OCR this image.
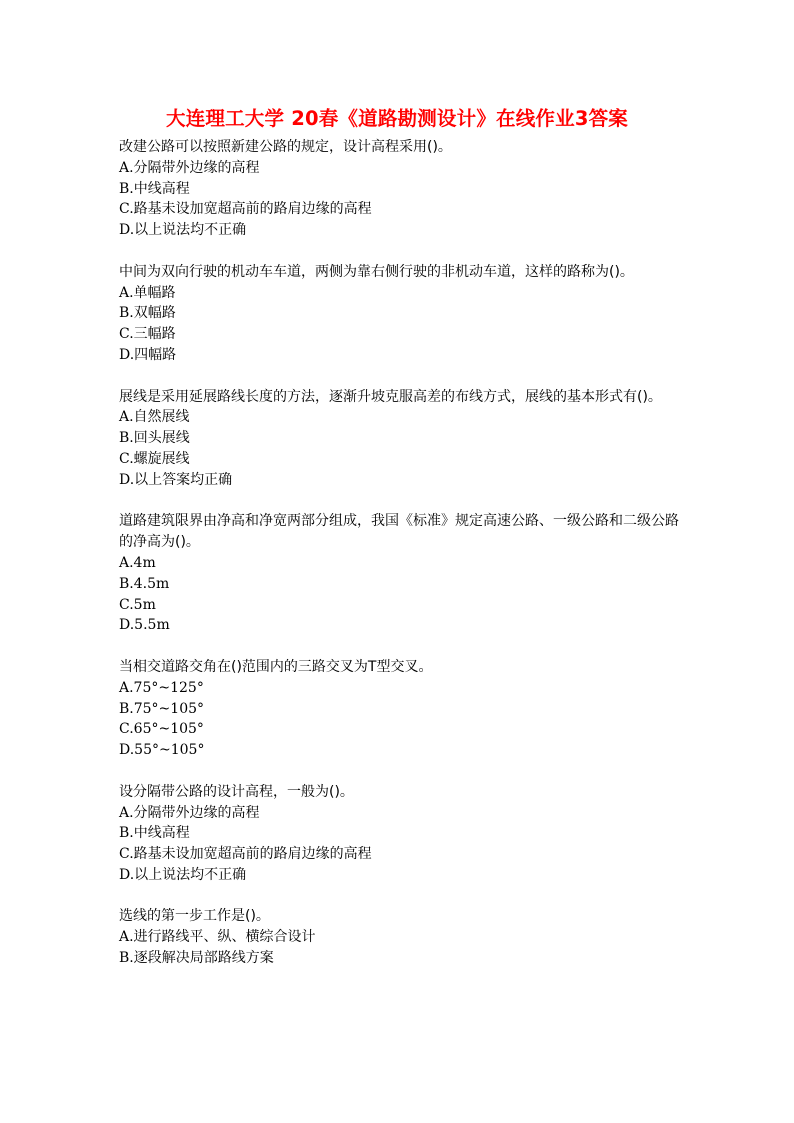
大连理工大学 20春《道路勘测设计》在线作业3答案

改建公路可以按照新建公路的规定，设计高程采用()。

A.分隔带外边缘的高程

B.中线高程

C.路基未设加宽超高前的路肩边缘的高程

D.以上说法均不正确

中间为双向行驶的机动车车道，两侧为靠右侧行驶的非机动车道，这样的路称为()。

A.单幅路

B.双幅路

C.三幅路

D.四幅路

展线是采用延展路线长度的方法，逐渐升坡克服高差的布线方式，展线的基本形式有()。

A.自然展线

B.回头展线

C.螺旋展线

D.以上答案均正确

道路建筑限界由净高和净宽两部分组成，我国《标准》规定高速公路、一级公路和二级公路的净高为()。

A.4m

B.4.5m

C.5m

D.5.5m

当相交道路交角在()范围内的三路交叉为T型交叉。

A.75°~125°

B.75°~105°

C.65°~105°

D.55°~105°

设分隔带公路的设计高程，一般为()。

A.分隔带外边缘的高程

B.中线高程

C.路基未设加宽超高前的路肩边缘的高程

D.以上说法均不正确

选线的第一步工作是()。

A.进行路线平、纵、横综合设计

B.逐段解决局部路线方案
